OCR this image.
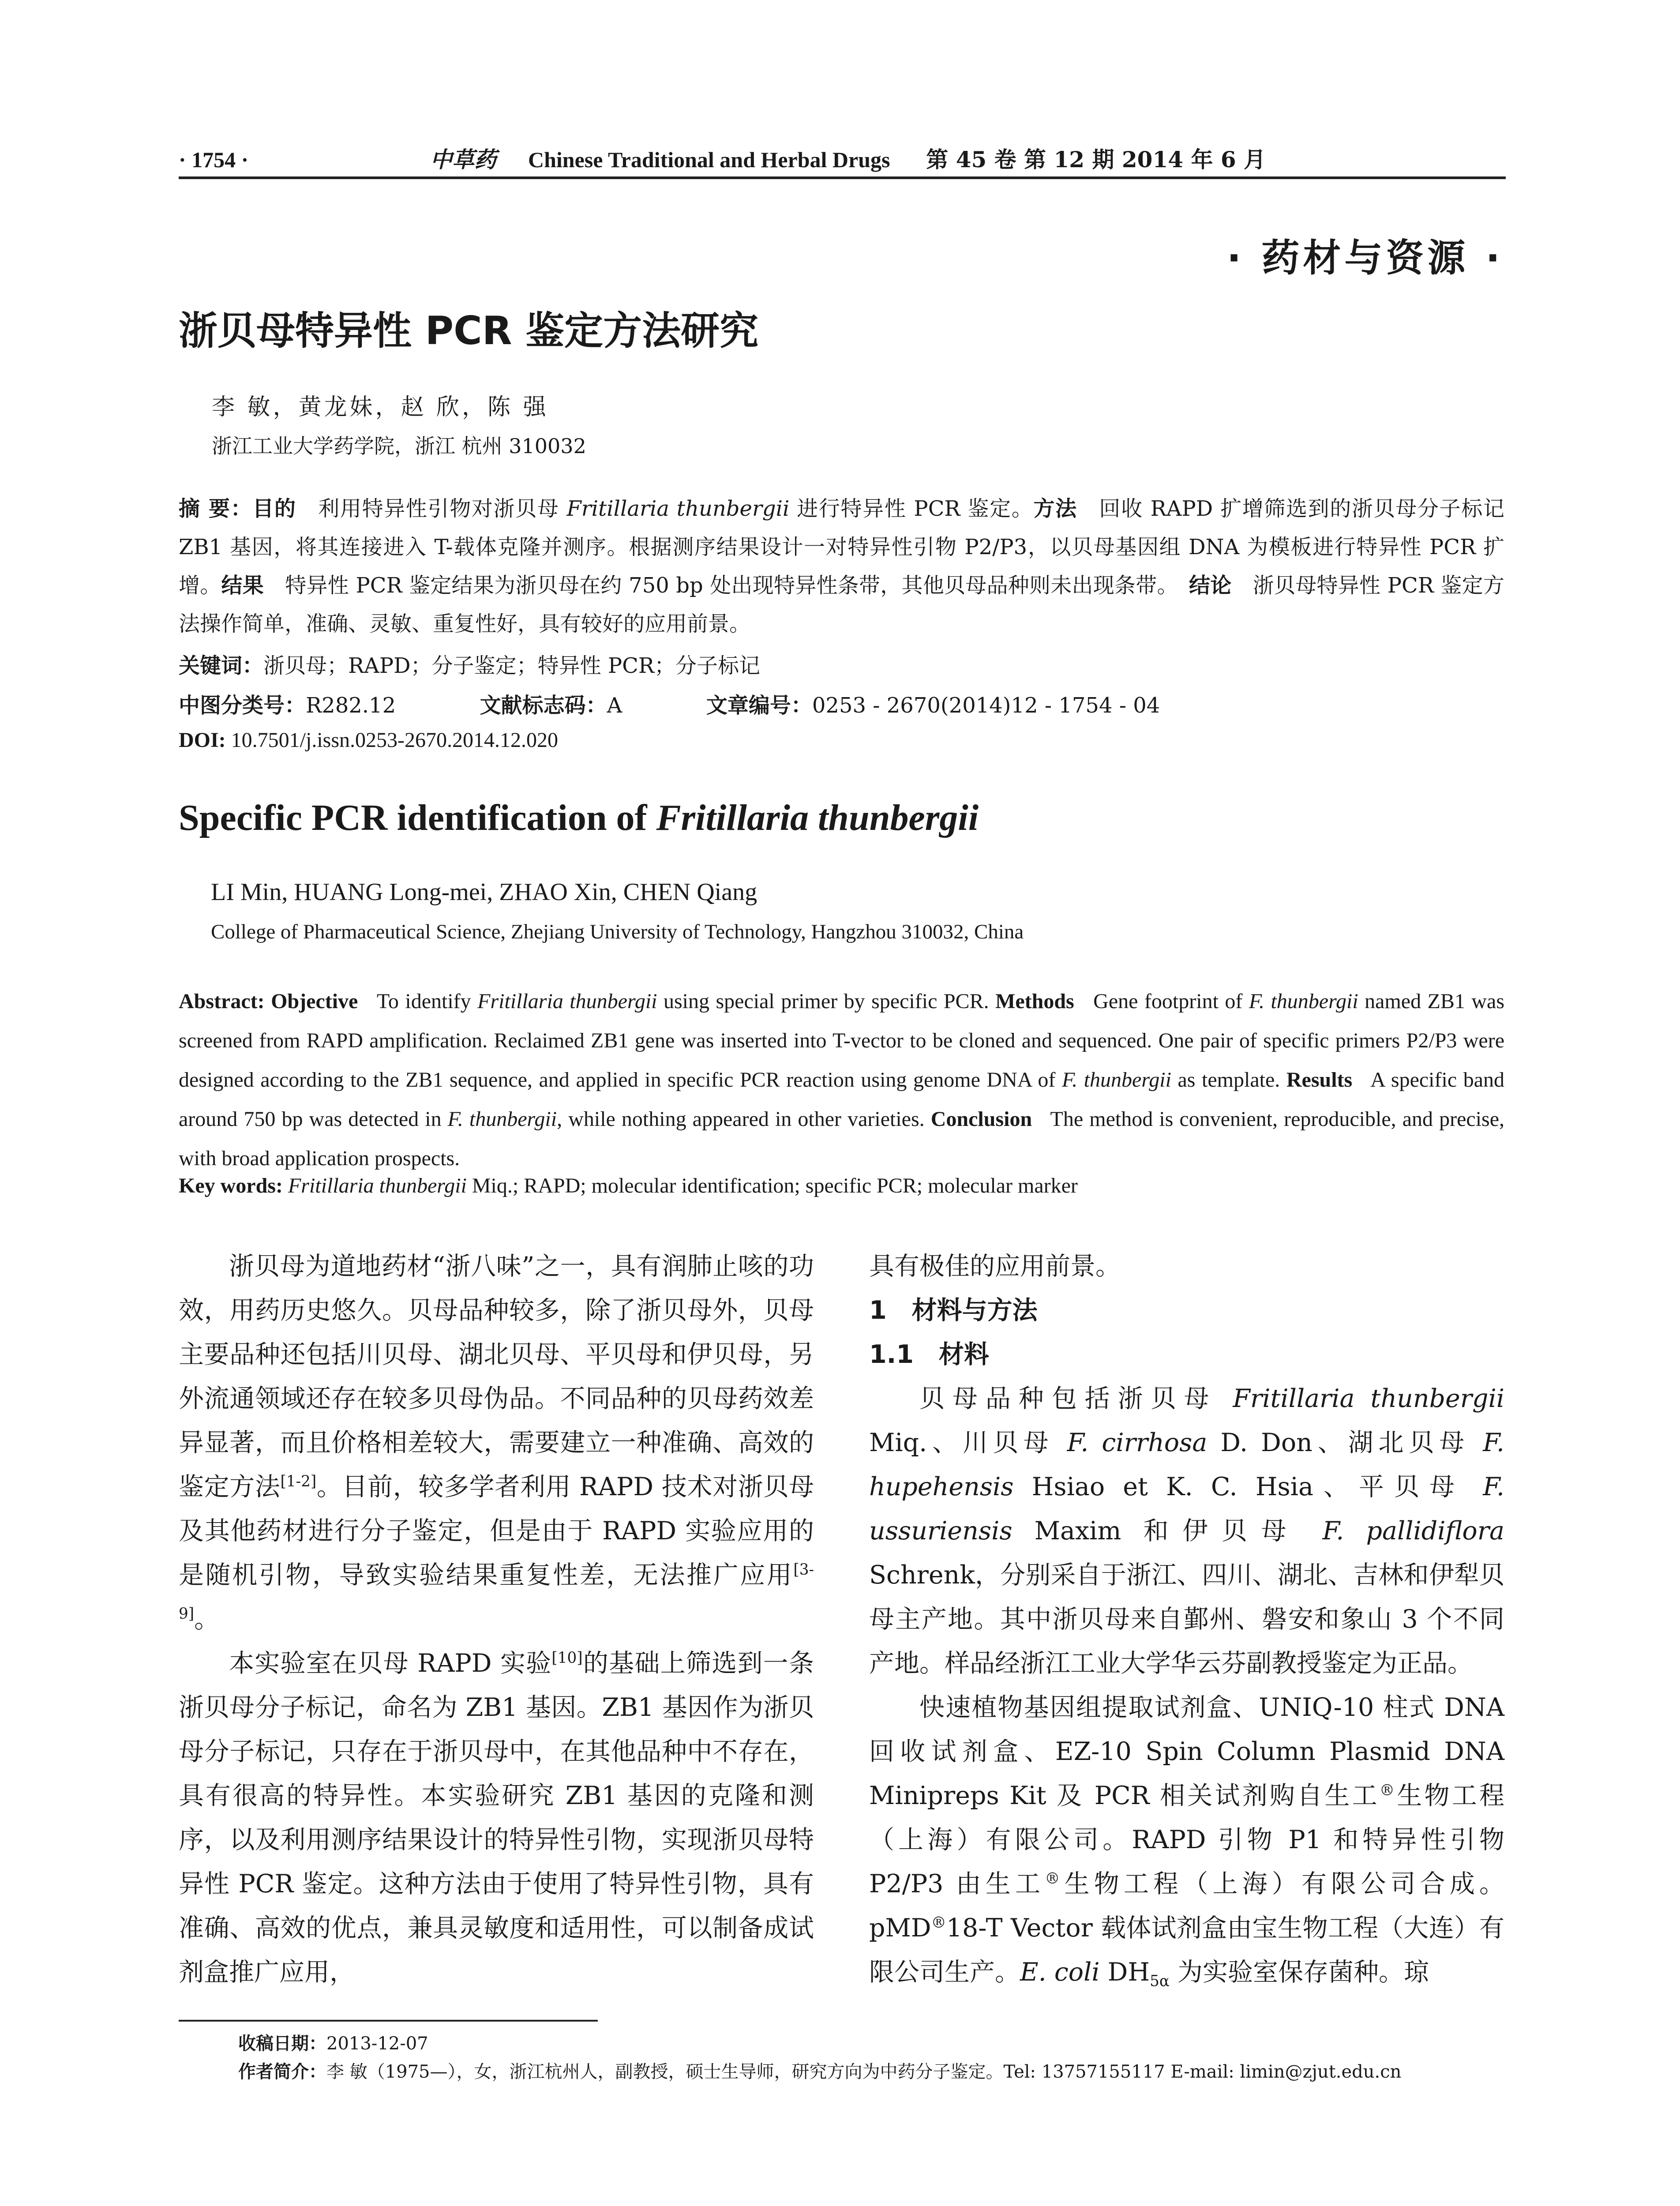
· 1754 ·	中草药 Chinese Traditional and Herbal Drugs 第 45 卷 第 12 期 2014 年 6 月
· 药材与资源 ·
浙贝母特异性 PCR 鉴定方法研究
李 敏，黄龙妹，赵 欣，陈 强
浙江工业大学药学院，浙江 杭州 310032
摘 要：目的　 利用特异性引物对浙贝母 Fritillaria thunbergii 进行特异性 PCR 鉴定。方法　 回收 RAPD 扩增筛选到的浙贝母分子标记 ZB1 基因，将其连接进入 T-载体克隆并测序。根据测序结果设计一对特异性引物 P2/P3，以贝母基因组 DNA 为模板进行特异性 PCR 扩增。结果　 特异性 PCR 鉴定结果为浙贝母在约 750 bp 处出现特异性条带，其他贝母品种则未出现条带。　 结论　 浙贝母特异性 PCR 鉴定方法操作简单，准确、灵敏、重复性好，具有较好的应用前景。
关键词：浙贝母；RAPD；分子鉴定；特异性 PCR；分子标记
中图分类号：R282.12	文献标志码：A	文章编号：0253 - 2670(2014)12 - 1754 - 04
DOI: 10.7501/j.issn.0253-2670.2014.12.020
Specific PCR identification of Fritillaria thunbergii
LI Min, HUANG Long-mei, ZHAO Xin, CHEN Qiang
College of Pharmaceutical Science, Zhejiang University of Technology, Hangzhou 310032, China
Abstract: Objective To identify Fritillaria thunbergii using special primer by specific PCR. Methods Gene footprint of F. thunbergii named ZB1 was screened from RAPD amplification. Reclaimed ZB1 gene was inserted into T-vector to be cloned and sequenced. One pair of specific primers P2/P3 were designed according to the ZB1 sequence, and applied in specific PCR reaction using genome DNA of F. thunbergii as template. Results A specific band around 750 bp was detected in F. thunbergii, while nothing appeared in other varieties. Conclusion The method is convenient, reproducible, and precise, with broad application prospects.
Key words: Fritillaria thunbergii Miq.; RAPD; molecular identification; specific PCR; molecular marker

浙贝母为道地药材“浙八味”之一，具有润肺止咳的功效，用药历史悠久。贝母品种较多，除了浙贝母外，贝母主要品种还包括川贝母、湖北贝母、平贝母和伊贝母，另外流通领域还存在较多贝母伪品。不同品种的贝母药效差异显著，而且价格相差较大，需要建立一种准确、高效的鉴定方法[1-2]。目前，较多学者利用 RAPD 技术对浙贝母及其他药材进行分子鉴定，但是由于 RAPD 实验应用的是随机引物，导致实验结果重复性差，无法推广应用[3-9]。

本实验室在贝母 RAPD 实验[10]的基础上筛选到一条浙贝母分子标记，命名为 ZB1 基因。ZB1 基因作为浙贝母分子标记，只存在于浙贝母中，在其他品种中不存在，具有很高的特异性。本实验研究 ZB1 基因的克隆和测序，以及利用测序结果设计的特异性引物，实现浙贝母特异性 PCR 鉴定。这种方法由于使用了特异性引物，具有准确、高效的优点，兼具灵敏度和适用性，可以制备成试剂盒推广应用，

具有极佳的应用前景。

1　材料与方法

1.1　材料

贝母品种包括浙贝母 Fritillaria thunbergii Miq.、川贝母 F. cirrhosa D. Don、湖北贝母 F. hupehensis Hsiao et K. C. Hsia、平贝母 F. ussuriensis Maxim 和伊贝母 F. pallidiflora Schrenk，分别采自于浙江、四川、湖北、吉林和伊犁贝母主产地。其中浙贝母来自鄞州、磐安和象山 3 个不同产地。样品经浙江工业大学华云芬副教授鉴定为正品。

快速植物基因组提取试剂盒、UNIQ-10 柱式 DNA 回收试剂盒、EZ-10 Spin Column Plasmid DNA Minipreps Kit 及 PCR 相关试剂购自生工®生物工程（上海）有限公司。RAPD 引物 P1 和特异性引物 P2/P3 由生工®生物工程（上海）有限公司合成。pMD®18-T Vector 载体试剂盒由宝生物工程（大连）有限公司生产。E. coli $DH_{5\alpha}$ 为实验室保存菌种。琼

收稿日期：2013-12-07
作者简介：李 敏（1975—），女，浙江杭州人，副教授，硕士生导师，研究方向为中药分子鉴定。Tel: 13757155117 E-mail: limin@zjut.edu.cn
